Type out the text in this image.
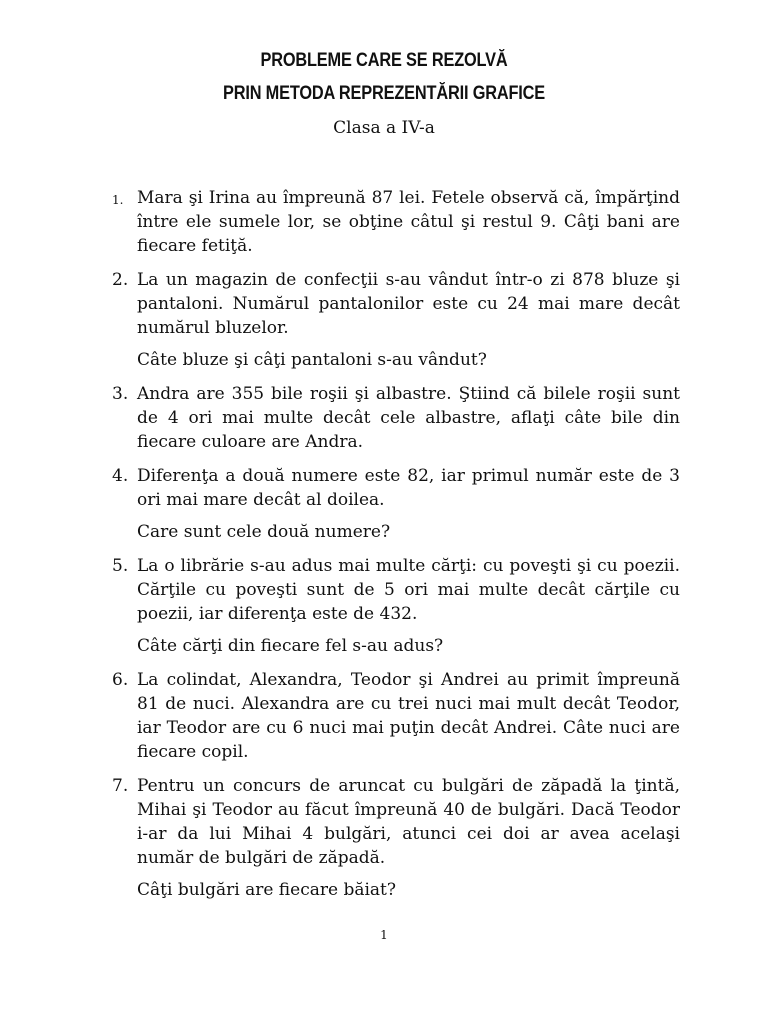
PROBLEME CARE SE REZOLVĂ
PRIN METODA REPREZENTĂRII GRAFICE
Clasa a IV-a
1. Mara şi Irina au împreună 87 lei. Fetele observă că, împărţind între ele sumele lor, se obţine câtul şi restul 9. Câţi bani are fiecare fetiţă.

2. La un magazin de confecţii s-au vândut într-o zi 878 bluze şi pantaloni. Numărul pantalonilor este cu 24 mai mare decât numărul bluzelor.

Câte bluze şi câţi pantaloni s-au vândut?

3. Andra are 355 bile roşii şi albastre. Ştiind că bilele roşii sunt de 4 ori mai multe decât cele albastre, aflaţi câte bile din fiecare culoare are Andra.

4. Diferenţa a două numere este 82, iar primul număr este de 3 ori mai mare decât al doilea.

Care sunt cele două numere?

5. La o librărie s-au adus mai multe cărţi: cu poveşti şi cu poezii. Cărţile cu poveşti sunt de 5 ori mai multe decât cărţile cu poezii, iar diferenţa este de 432.

Câte cărţi din fiecare fel s-au adus?

6. La colindat, Alexandra, Teodor şi Andrei au primit împreună 81 de nuci. Alexandra are cu trei nuci mai mult decât Teodor, iar Teodor are cu 6 nuci mai puţin decât Andrei. Câte nuci are fiecare copil.

7. Pentru un concurs de aruncat cu bulgări de zăpadă la ţintă, Mihai şi Teodor au făcut împreună 40 de bulgări. Dacă Teodor i-ar da lui Mihai 4 bulgări, atunci cei doi ar avea acelaşi număr de bulgări de zăpadă.

Câţi bulgări are fiecare băiat?

1
